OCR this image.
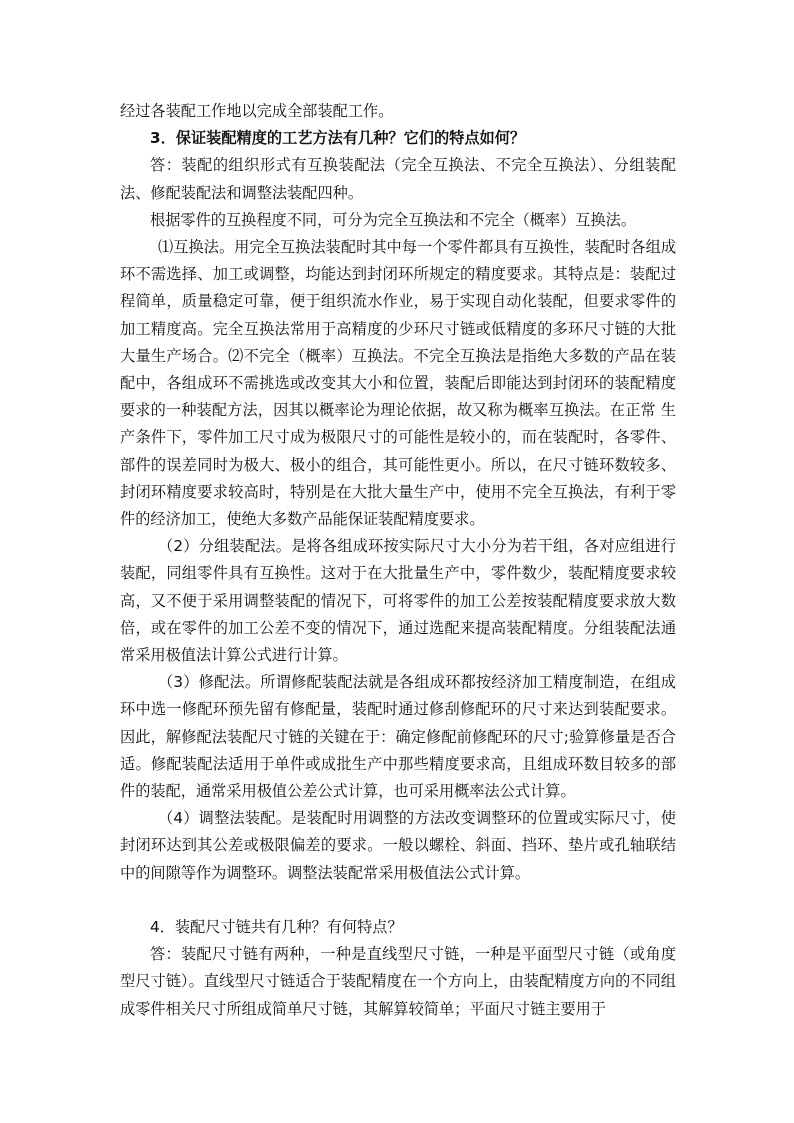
经过各装配工作地以完成全部装配工作。

3．保证装配精度的工艺方法有几种？它们的特点如何？

答：装配的组织形式有互换装配法（完全互换法、不完全互换法）、分组装配法、修配装配法和调整法装配四种。

根据零件的互换程度不同，可分为完全互换法和不完全（概率）互换法。

⑴互换法。用完全互换法装配时其中每一个零件都具有互换性，装配时各组成环不需选择、加工或调整，均能达到封闭环所规定的精度要求。其特点是：装配过程简单，质量稳定可靠，便于组织流水作业，易于实现自动化装配，但要求零件的加工精度高。完全互换法常用于高精度的少环尺寸链或低精度的多环尺寸链的大批大量生产场合。⑵不完全（概率）互换法。不完全互换法是指绝大多数的产品在装配中，各组成环不需挑选或改变其大小和位置，装配后即能达到封闭环的装配精度要求的一种装配方法，因其以概率论为理论依据，故又称为概率互换法。在正常 生产条件下，零件加工尺寸成为极限尺寸的可能性是较小的，而在装配时，各零件、部件的误差同时为极大、极小的组合，其可能性更小。所以，在尺寸链环数较多、封闭环精度要求较高时，特别是在大批大量生产中，使用不完全互换法，有利于零件的经济加工，使绝大多数产品能保证装配精度要求。

（2）分组装配法。是将各组成环按实际尺寸大小分为若干组，各对应组进行装配，同组零件具有互换性。这对于在大批量生产中，零件数少，装配精度要求较高，又不便于采用调整装配的情况下，可将零件的加工公差按装配精度要求放大数倍，或在零件的加工公差不变的情况下，通过选配来提高装配精度。分组装配法通常采用极值法计算公式进行计算。

（3）修配法。所谓修配装配法就是各组成环都按经济加工精度制造，在组成环中选一修配环预先留有修配量，装配时通过修刮修配环的尺寸来达到装配要求。因此，解修配法装配尺寸链的关键在于：确定修配前修配环的尺寸;验算修量是否合适。修配装配法适用于单件或成批生产中那些精度要求高，且组成环数目较多的部件的装配，通常采用极值公差公式计算，也可采用概率法公式计算。

（4）调整法装配。是装配时用调整的方法改变调整环的位置或实际尺寸，使封闭环达到其公差或极限偏差的要求。一般以螺栓、斜面、挡环、垫片或孔轴联结中的间隙等作为调整环。调整法装配常采用极值法公式计算。

4．装配尺寸链共有几种？有何特点？

答：装配尺寸链有两种，一种是直线型尺寸链，一种是平面型尺寸链（或角度型尺寸链）。直线型尺寸链适合于装配精度在一个方向上，由装配精度方向的不同组成零件相关尺寸所组成简单尺寸链，其解算较简单；平面尺寸链主要用于
